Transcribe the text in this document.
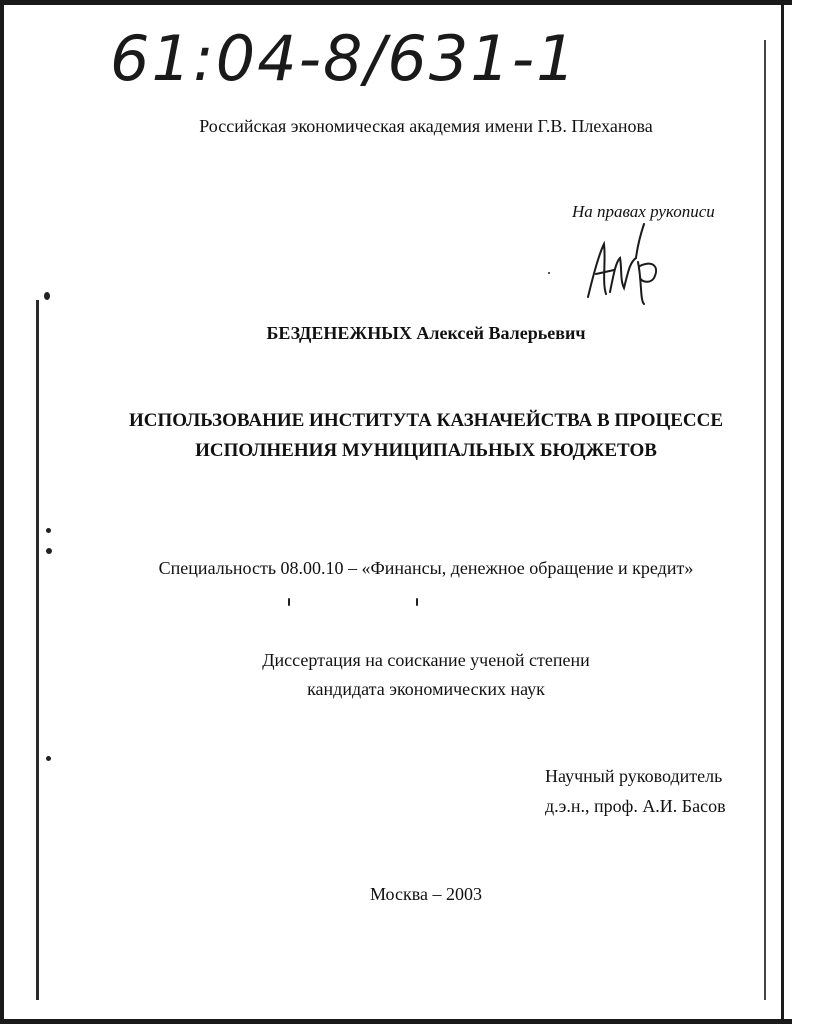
61:04-8/631-1
Российская экономическая академия имени Г.В. Плеханова
На правах рукописи
БЕЗДЕНЕЖНЫХ Алексей Валерьевич
ИСПОЛЬЗОВАНИЕ ИНСТИТУТА КАЗНАЧЕЙСТВА В ПРОЦЕССЕ
ИСПОЛНЕНИЯ МУНИЦИПАЛЬНЫХ БЮДЖЕТОВ
Специальность 08.00.10 – «Финансы, денежное обращение и кредит»
Диссертация на соискание ученой степени
кандидата экономических наук
Научный руководитель
д.э.н., проф. А.И. Басов
Москва – 2003
